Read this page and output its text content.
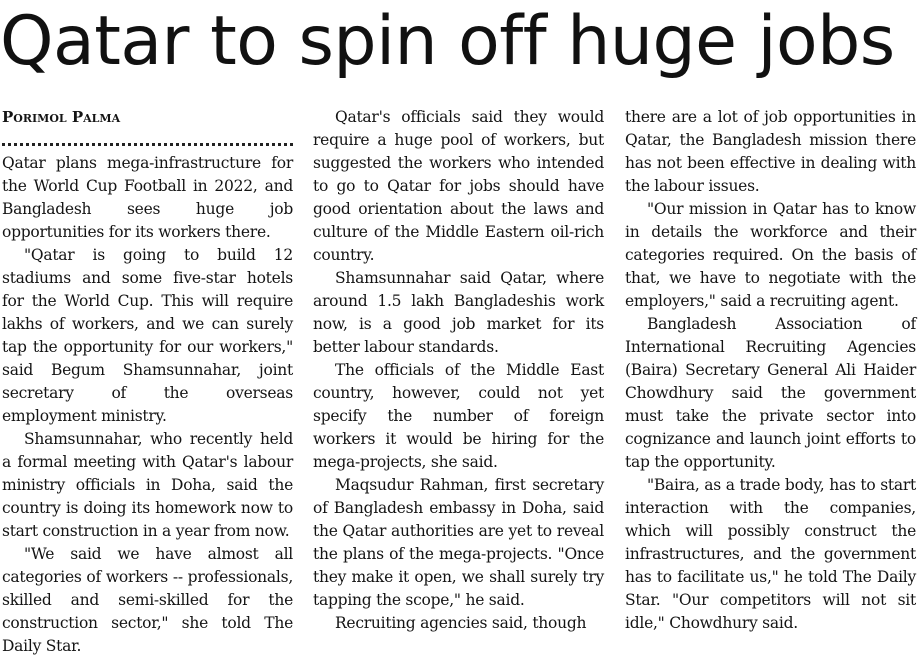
Qatar to spin off huge jobs
Porimol Palma

Qatar plans mega-infrastructure for the World Cup Football in 2022, and Bangladesh sees huge job opportunities for its workers there.

"Qatar is going to build 12 stadiums and some five-star hotels for the World Cup. This will require lakhs of workers, and we can surely tap the opportunity for our workers," said Begum Shamsunnahar, joint secretary of the overseas employment ministry.

Shamsunnahar, who recently held a formal meeting with Qatar's labour ministry officials in Doha, said the country is doing its homework now to start construction in a year from now.

"We said we have almost all categories of workers -- professionals, skilled and semi-skilled for the construction sector," she told The Daily Star.

Qatar's officials said they would require a huge pool of workers, but suggested the workers who intended to go to Qatar for jobs should have good orientation about the laws and culture of the Middle Eastern oil-rich country.

Shamsunnahar said Qatar, where around 1.5 lakh Bangladeshis work now, is a good job market for its better labour standards.

The officials of the Middle East country, however, could not yet specify the number of foreign workers it would be hiring for the mega-projects, she said.

Maqsudur Rahman, first secretary of Bangladesh embassy in Doha, said the Qatar authorities are yet to reveal the plans of the mega-projects. "Once they make it open, we shall surely try tapping the scope," he said.

Recruiting agencies said, though

there are a lot of job opportunities in Qatar, the Bangladesh mission there has not been effective in dealing with the labour issues.

"Our mission in Qatar has to know in details the workforce and their categories required. On the basis of that, we have to negotiate with the employers," said a recruiting agent.

Bangladesh Association of International Recruiting Agencies (Baira) Secretary General Ali Haider Chowdhury said the government must take the private sector into cognizance and launch joint efforts to tap the opportunity.

"Baira, as a trade body, has to start interaction with the companies, which will possibly construct the infrastructures, and the government has to facilitate us," he told The Daily Star. "Our competitors will not sit idle," Chowdhury said.
